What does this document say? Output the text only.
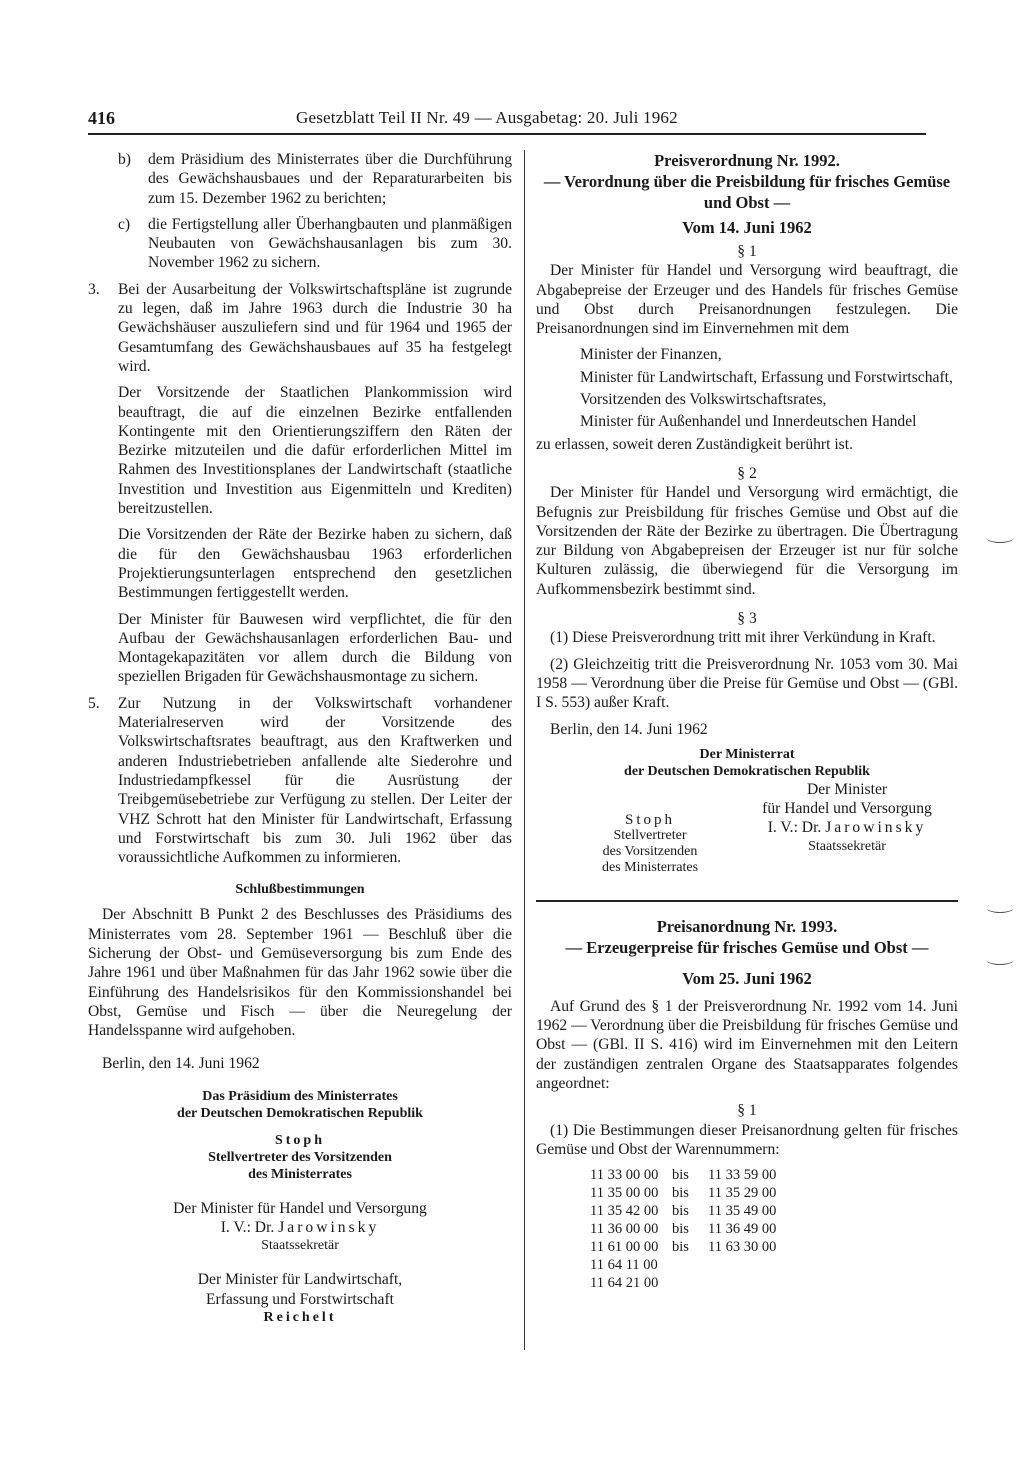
416	Gesetzblatt Teil II Nr. 49 — Ausgabetag: 20. Juli 1962
b) dem Präsidium des Ministerrates über die Durchführung des Gewächshausbaues und der Reparaturarbeiten bis zum 15. Dezember 1962 zu berichten;
c) die Fertigstellung aller Überhangbauten und planmäßigen Neubauten von Gewächshausanlagen bis zum 30. November 1962 zu sichern.
3. Bei der Ausarbeitung der Volkswirtschaftspläne ist zugrunde zu legen, daß im Jahre 1963 durch die Industrie 30 ha Gewächshäuser auszuliefern sind und für 1964 und 1965 der Gesamtumfang des Gewächshausbaues auf 35 ha festgelegt wird.
Der Vorsitzende der Staatlichen Plankommission wird beauftragt, die auf die einzelnen Bezirke entfallenden Kontingente mit den Orientierungsziffern den Räten der Bezirke mitzuteilen und die dafür erforderlichen Mittel im Rahmen des Investitionsplanes der Landwirtschaft (staatliche Investition und Investition aus Eigenmitteln und Krediten) bereitzustellen.
Die Vorsitzenden der Räte der Bezirke haben zu sichern, daß die für den Gewächshausbau 1963 erforderlichen Projektierungsunterlagen entsprechend den gesetzlichen Bestimmungen fertiggestellt werden.
Der Minister für Bauwesen wird verpflichtet, die für den Aufbau der Gewächshausanlagen erforderlichen Bau- und Montagekapazitäten vor allem durch die Bildung von speziellen Brigaden für Gewächshausmontage zu sichern.
5. Zur Nutzung in der Volkswirtschaft vorhandener Materialreserven wird der Vorsitzende des Volkswirtschaftsrates beauftragt, aus den Kraftwerken und anderen Industriebetrieben anfallende alte Siederohre und Industriedampfkessel für die Ausrüstung der Treibgemüsebetriebe zur Verfügung zu stellen. Der Leiter der VHZ Schrott hat den Minister für Landwirtschaft, Erfassung und Forstwirtschaft bis zum 30. Juli 1962 über das voraussichtliche Aufkommen zu informieren.

Schlußbestimmungen

Der Abschnitt B Punkt 2 des Beschlusses des Präsidiums des Ministerrates vom 28. September 1961 — Beschluß über die Sicherung der Obst- und Gemüseversorgung bis zum Ende des Jahre 1961 und über Maßnahmen für das Jahr 1962 sowie über die Einführung des Handelsrisikos für den Kommissionshandel bei Obst, Gemüse und Fisch — über die Neuregelung der Handelsspanne wird aufgehoben.

Berlin, den 14. Juni 1962

Das Präsidium des Ministerrates
der Deutschen Demokratischen Republik
Stoph
Stellvertreter des Vorsitzenden
des Ministerrates
Der Minister für Handel und Versorgung
I. V.: Dr. Jarowinsky
Staatssekretär
Der Minister für Landwirtschaft,
Erfassung und Forstwirtschaft
Reichelt
Preisverordnung Nr. 1992.
— Verordnung über die Preisbildung für frisches Gemüse und Obst —
Vom 14. Juni 1962
§ 1

Der Minister für Handel und Versorgung wird beauftragt, die Abgabepreise der Erzeuger und des Handels für frisches Gemüse und Obst durch Preisanordnungen festzulegen. Die Preisanordnungen sind im Einvernehmen mit dem

Minister der Finanzen,

Minister für Landwirtschaft, Erfassung und Forstwirtschaft,

Vorsitzenden des Volkswirtschaftsrates,

Minister für Außenhandel und Innerdeutschen Handel

zu erlassen, soweit deren Zuständigkeit berührt ist.

§ 2

Der Minister für Handel und Versorgung wird ermächtigt, die Befugnis zur Preisbildung für frisches Gemüse und Obst auf die Vorsitzenden der Räte der Bezirke zu übertragen. Die Übertragung zur Bildung von Abgabepreisen der Erzeuger ist nur für solche Kulturen zulässig, die überwiegend für die Versorgung im Aufkommensbezirk bestimmt sind.

§ 3

(1) Diese Preisverordnung tritt mit ihrer Verkündung in Kraft.

(2) Gleichzeitig tritt die Preisverordnung Nr. 1053 vom 30. Mai 1958 — Verordnung über die Preise für Gemüse und Obst — (GBl. I S. 553) außer Kraft.

Berlin, den 14. Juni 1962

Der Ministerrat
der Deutschen Demokratischen Republik
Stoph
Stellvertreter
des Vorsitzenden
des Ministerrates
Der Minister
für Handel und Versorgung
I. V.: Dr. Jarowinsky
Staatssekretär
Preisanordnung Nr. 1993.
— Erzeugerpreise für frisches Gemüse und Obst —
Vom 25. Juni 1962

Auf Grund des § 1 der Preisverordnung Nr. 1992 vom 14. Juni 1962 — Verordnung über die Preisbildung für frisches Gemüse und Obst — (GBl. II S. 416) wird im Einvernehmen mit den Leitern der zuständigen zentralen Organe des Staatsapparates folgendes angeordnet:

§ 1

(1) Die Bestimmungen dieser Preisanordnung gelten für frisches Gemüse und Obst der Warennummern:

11 33 00 00 bis	11 33 59 00
11 35 00 00 bis	11 35 29 00
11 35 42 00 bis	11 35 49 00
11 36 00 00 bis	11 36 49 00
11 61 00 00 bis	11 63 30 00
11 64 11 00
11 64 21 00
